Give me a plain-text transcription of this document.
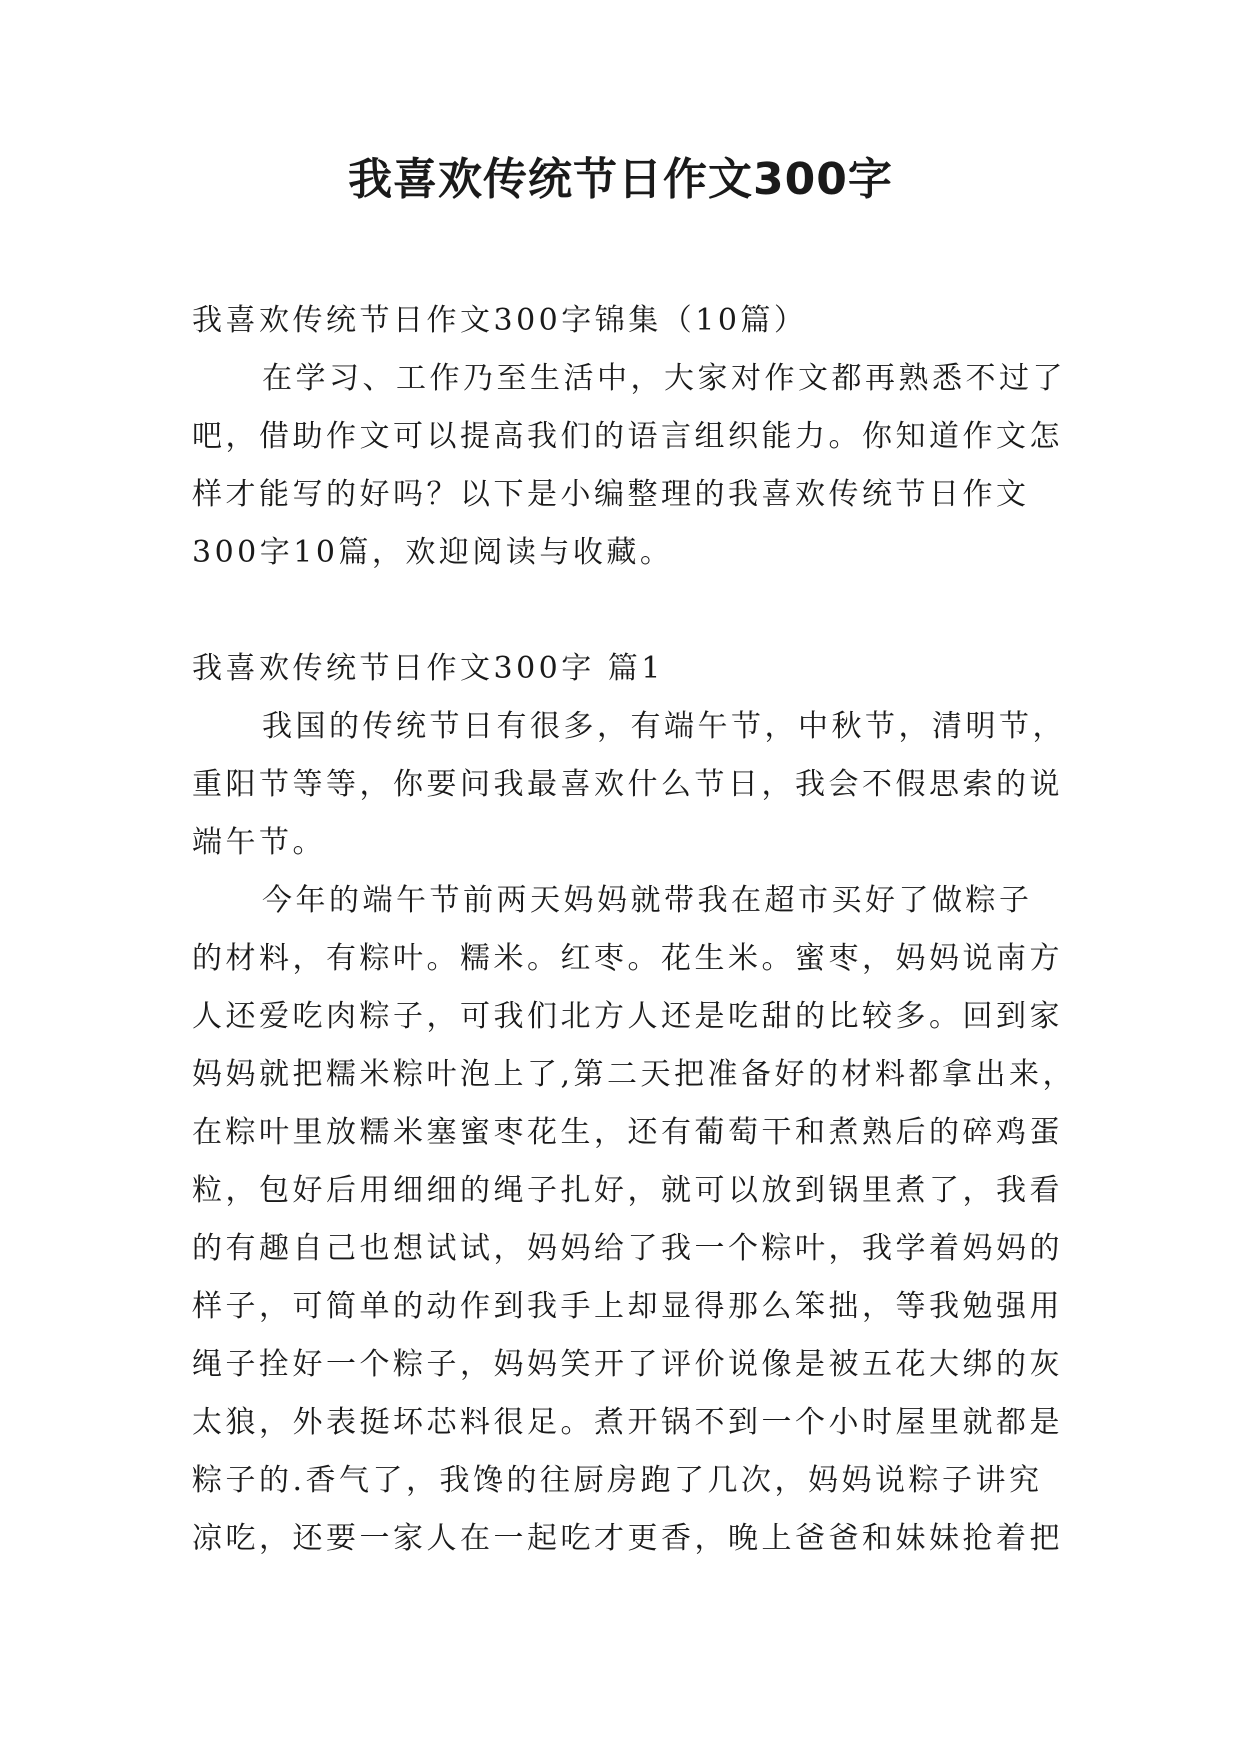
我喜欢传统节日作文300字

我喜欢传统节日作文300字锦集（10篇）

在学习、工作乃至生活中，大家对作文都再熟悉不过了

吧，借助作文可以提高我们的语言组织能力。你知道作文怎

样才能写的好吗？以下是小编整理的我喜欢传统节日作文

300字10篇，欢迎阅读与收藏。

我喜欢传统节日作文300字 篇1

我国的传统节日有很多，有端午节，中秋节，清明节，

重阳节等等，你要问我最喜欢什么节日，我会不假思索的说

端午节。

今年的端午节前两天妈妈就带我在超市买好了做粽子

的材料，有粽叶。糯米。红枣。花生米。蜜枣，妈妈说南方

人还爱吃肉粽子，可我们北方人还是吃甜的比较多。回到家

妈妈就把糯米粽叶泡上了,第二天把准备好的材料都拿出来，

在粽叶里放糯米塞蜜枣花生，还有葡萄干和煮熟后的碎鸡蛋

粒，包好后用细细的绳子扎好，就可以放到锅里煮了，我看

的有趣自己也想试试，妈妈给了我一个粽叶，我学着妈妈的

样子，可简单的动作到我手上却显得那么笨拙，等我勉强用

绳子拴好一个粽子，妈妈笑开了评价说像是被五花大绑的灰

太狼，外表挺坏芯料很足。煮开锅不到一个小时屋里就都是

粽子的.香气了，我馋的往厨房跑了几次，妈妈说粽子讲究

凉吃，还要一家人在一起吃才更香，晚上爸爸和妹妹抢着把
